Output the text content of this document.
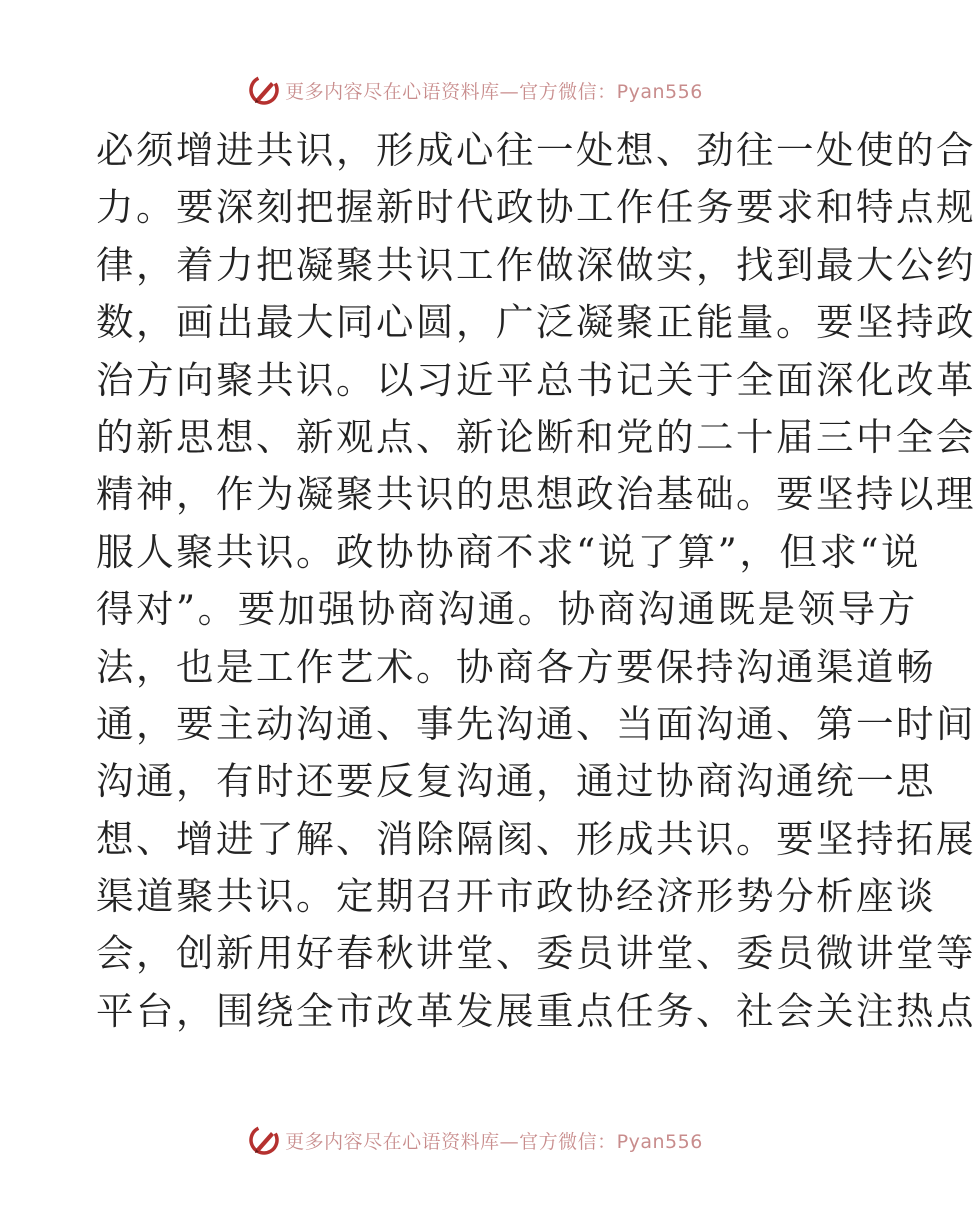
更多内容尽在心语资料库—官方微信：Pyan556
必须增进共识，形成心往一处想、劲往一处使的合
力。要深刻把握新时代政协工作任务要求和特点规
律，着力把凝聚共识工作做深做实，找到最大公约
数，画出最大同心圆，广泛凝聚正能量。要坚持政
治方向聚共识。以习近平总书记关于全面深化改革
的新思想、新观点、新论断和党的二十届三中全会
精神，作为凝聚共识的思想政治基础。要坚持以理
服人聚共识。政协协商不求“说了算”，但求“说
得对”。要加强协商沟通。协商沟通既是领导方
法，也是工作艺术。协商各方要保持沟通渠道畅
通，要主动沟通、事先沟通、当面沟通、第一时间
沟通，有时还要反复沟通，通过协商沟通统一思
想、增进了解、消除隔阂、形成共识。要坚持拓展
渠道聚共识。定期召开市政协经济形势分析座谈
会，创新用好春秋讲堂、委员讲堂、委员微讲堂等
平台，围绕全市改革发展重点任务、社会关注热点
更多内容尽在心语资料库—官方微信：Pyan556
